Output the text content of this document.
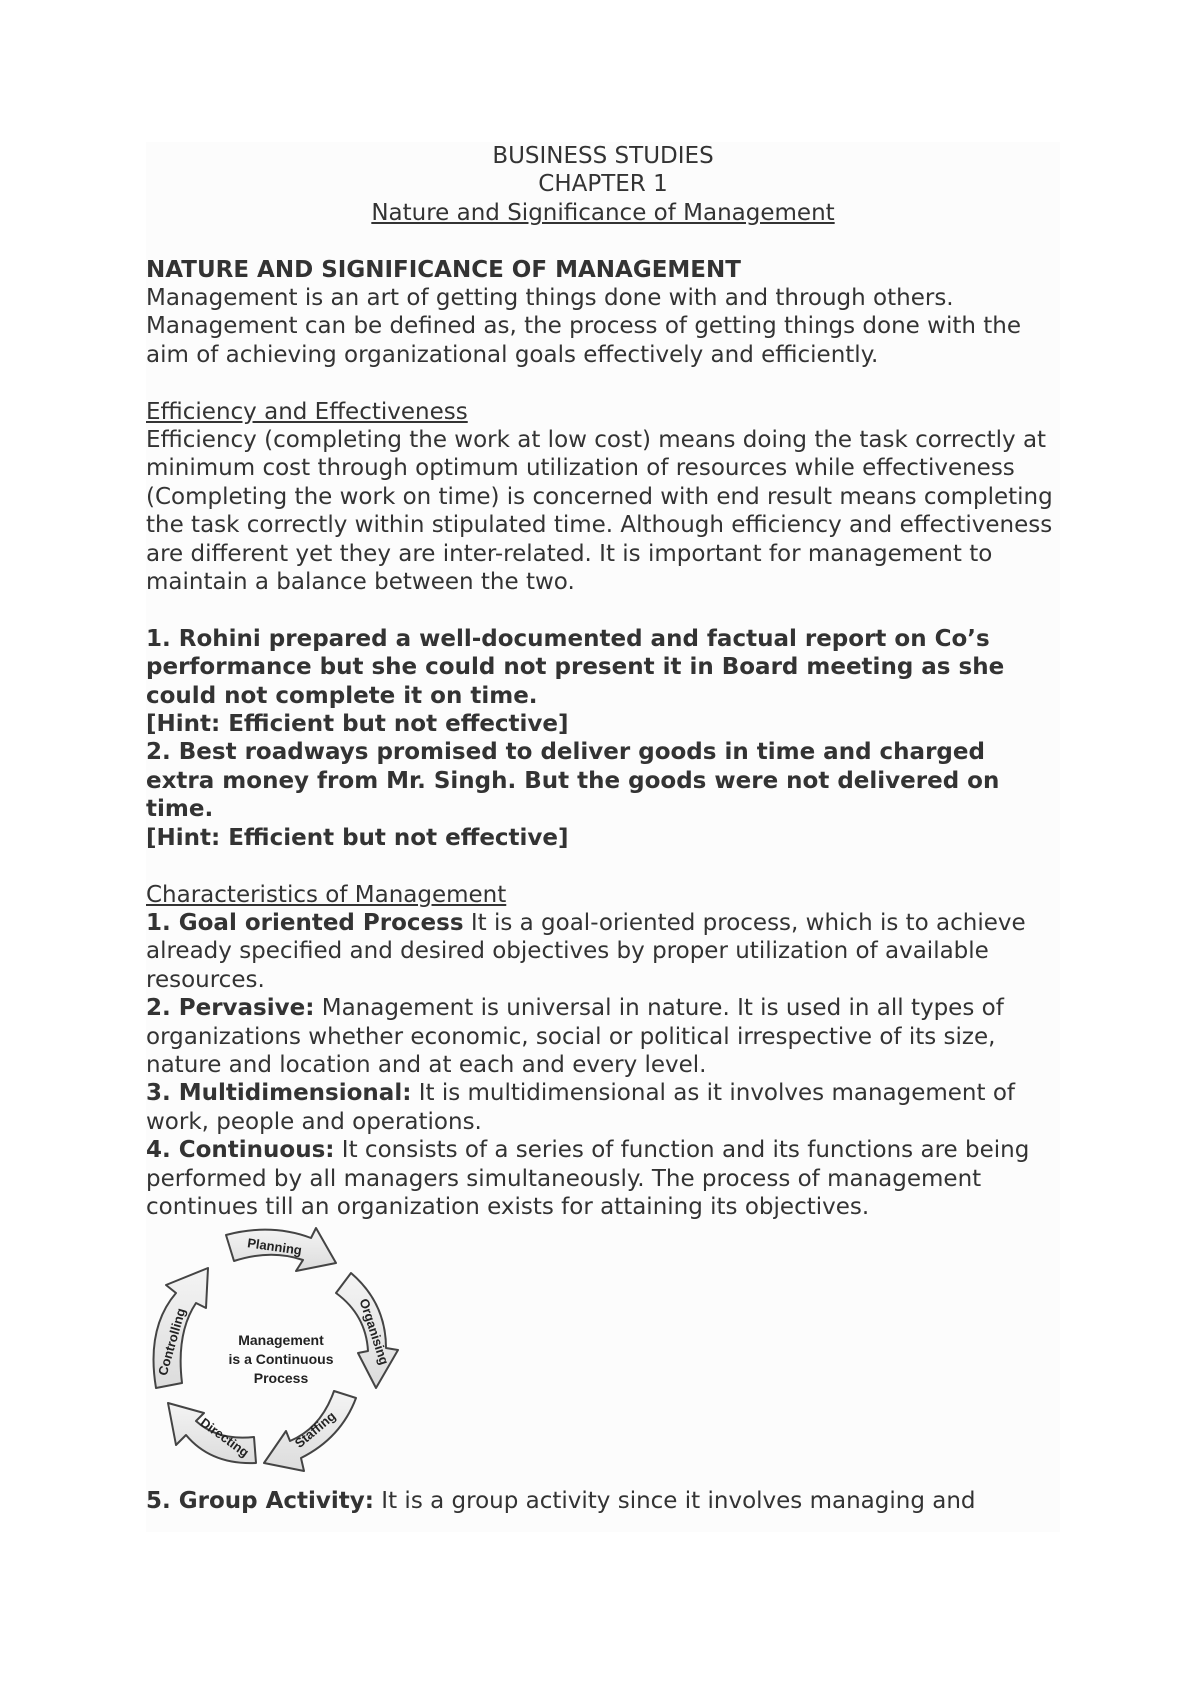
BUSINESS STUDIES

CHAPTER 1

Nature and Significance of Management

NATURE AND SIGNIFICANCE OF MANAGEMENT

Management is an art of getting things done with and through others. Management can be defined as, the process of getting things done with the aim of achieving organizational goals effectively and efficiently.

Efficiency and Effectiveness

Efficiency (completing the work at low cost) means doing the task correctly at minimum cost through optimum utilization of resources while effectiveness (Completing the work on time) is concerned with end result means completing the task correctly within stipulated time. Although efficiency and effectiveness are different yet they are inter-related. It is important for management to maintain a balance between the two.

1. Rohini prepared a well-documented and factual report on Co’s performance but she could not present it in Board meeting as she could not complete it on time.

[Hint: Efficient but not effective]

2. Best roadways promised to deliver goods in time and charged extra money from Mr. Singh. But the goods were not delivered on time.

[Hint: Efficient but not effective]

Characteristics of Management

1. Goal oriented Process It is a goal-oriented process, which is to achieve already specified and desired objectives by proper utilization of available resources.

2. Pervasive: Management is universal in nature. It is used in all types of organizations whether economic, social or political irrespective of its size, nature and location and at each and every level.

3. Multidimensional: It is multidimensional as it involves management of work, people and operations.

4. Continuous: It consists of a series of function and its functions are being performed by all managers simultaneously. The process of management continues till an organization exists for attaining its objectives.

Planning
Organising
Staffing
Directing
Controlling	Management
is a Continuous
Process

5. Group Activity: It is a group activity since it involves managing and
